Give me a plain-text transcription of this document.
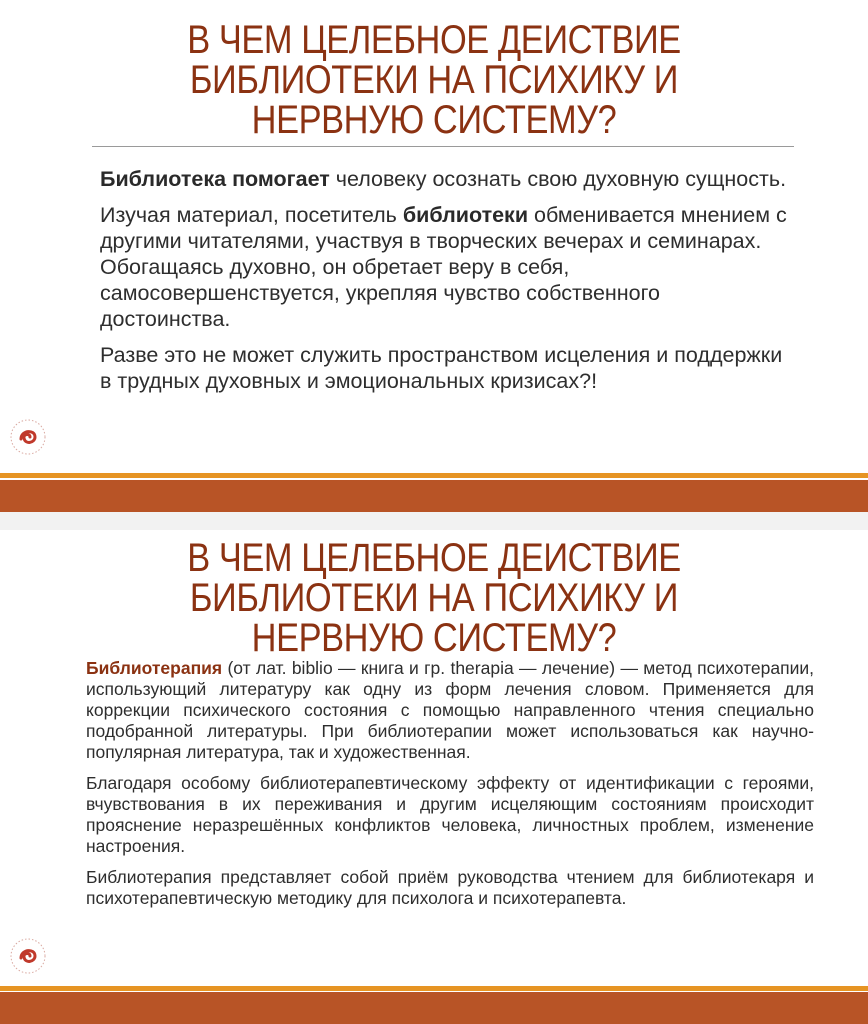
В ЧЕМ ЦЕЛЕБНОЕ ДЕИСТВИЕ
БИБЛИОТЕКИ НА ПСИХИКУ И
НЕРВНУЮ СИСТЕМУ?

Библиотека помогает человеку осознать свою духовную сущность.

Изучая материал, посетитель библиотеки обменивается мнением с другими читателями, участвуя в творческих вечерах и семинарах. Обогащаясь духовно, он обретает веру в себя, самосовершенствуется, укрепляя чувство собственного достоинства.

Разве это не может служить пространством исцеления и поддержки в трудных духовных и эмоциональных кризисах?!

В ЧЕМ ЦЕЛЕБНОЕ ДЕИСТВИЕ
БИБЛИОТЕКИ НА ПСИХИКУ И
НЕРВНУЮ СИСТЕМУ?

Библиотерапия (от лат. biblio — книга и гр. therapia — лечение) — метод психотерапии, использующий литературу как одну из форм лечения словом. Применяется для коррекции психического состояния с помощью направленного чтения специально подобранной литературы. При библиотерапии может использоваться как научно-популярная литература, так и художественная.

Благодаря особому библиотерапевтическому эффекту от идентификации с героями, вчувствования в их переживания и другим исцеляющим состояниям происходит прояснение неразрешённых конфликтов человека, личностных проблем, изменение настроения.

Библиотерапия представляет собой приём руководства чтением для библиотекаря и психотерапевтическую методику для психолога и психотерапевта.
